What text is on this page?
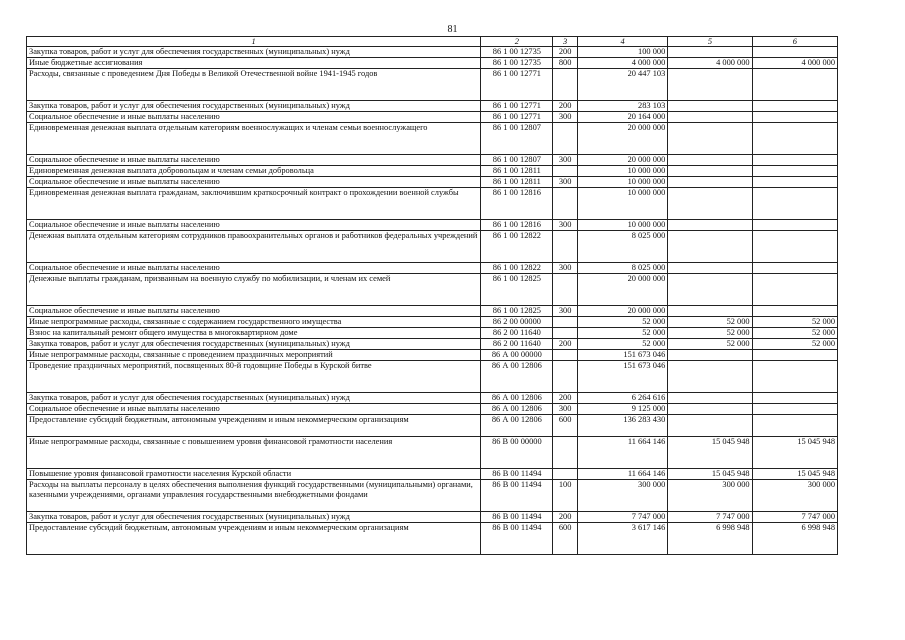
81
1	2	3	4	5	6
Закупка товаров, работ и услуг для обеспечения государственных (муниципальных) нужд	86 1 00 12735	200	100 000		
Иные бюджетные ассигнования	86 1 00 12735	800	4 000 000	4 000 000	4 000 000
Расходы, связанные с проведением Дня Победы в Великой Отечественной войне 1941-1945 годов	86 1 00 12771		20 447 103		
Закупка товаров, работ и услуг для обеспечения государственных (муниципальных) нужд	86 1 00 12771	200	283 103		
Социальное обеспечение и иные выплаты населению	86 1 00 12771	300	20 164 000		
Единовременная денежная выплата отдельным категориям военнослужащих и членам семьи военнослужащего	86 1 00 12807		20 000 000		
Социальное обеспечение и иные выплаты населению	86 1 00 12807	300	20 000 000		
Единовременная денежная выплата добровольцам и членам семьи добровольца	86 1 00 12811		10 000 000		
Социальное обеспечение и иные выплаты населению	86 1 00 12811	300	10 000 000		
Единовременная денежная выплата гражданам, заключившим краткосрочный контракт о прохождении военной службы	86 1 00 12816		10 000 000		
Социальное обеспечение и иные выплаты населению	86 1 00 12816	300	10 000 000		
Денежная выплата отдельным категориям сотрудников правоохранительных органов и работников федеральных учреждений	86 1 00 12822		8 025 000		
Социальное обеспечение и иные выплаты населению	86 1 00 12822	300	8 025 000		
Денежные выплаты гражданам, призванным на военную службу по мобилизации, и членам их семей	86 1 00 12825		20 000 000		
Социальное обеспечение и иные выплаты населению	86 1 00 12825	300	20 000 000		
Иные непрограммные расходы, связанные с содержанием государственного имущества	86 2 00 00000		52 000	52 000	52 000
Взнос на капитальный ремонт общего имущества в многоквартирном доме	86 2 00 11640		52 000	52 000	52 000
Закупка товаров, работ и услуг для обеспечения государственных (муниципальных) нужд	86 2 00 11640	200	52 000	52 000	52 000
Иные непрограммные расходы, связанные с проведением праздничных мероприятий	86 А 00 00000		151 673 046		
Проведение праздничных мероприятий, посвященных 80-й годовщине Победы в Курской битве	86 А 00 12806		151 673 046		
Закупка товаров, работ и услуг для обеспечения государственных (муниципальных) нужд	86 А 00 12806	200	6 264 616		
Социальное обеспечение и иные выплаты населению	86 А 00 12806	300	9 125 000		
Предоставление субсидий бюджетным, автономным учреждениям и иным некоммерческим организациям	86 А 00 12806	600	136 283 430		
Иные непрограммные расходы, связанные с повышением уровня финансовой грамотности населения	86 В 00 00000		11 664 146	15 045 948	15 045 948
Повышение уровня финансовой грамотности населения Курской области	86 В 00 11494		11 664 146	15 045 948	15 045 948
Расходы на выплаты персоналу в целях обеспечения выполнения функций государственными (муниципальными) органами, казенными учреждениями, органами управления государственными внебюджетными фондами	86 В 00 11494	100	300 000	300 000	300 000
Закупка товаров, работ и услуг для обеспечения государственных (муниципальных) нужд	86 В 00 11494	200	7 747 000	7 747 000	7 747 000
Предоставление субсидий бюджетным, автономным учреждениям и иным некоммерческим организациям	86 В 00 11494	600	3 617 146	6 998 948	6 998 948
